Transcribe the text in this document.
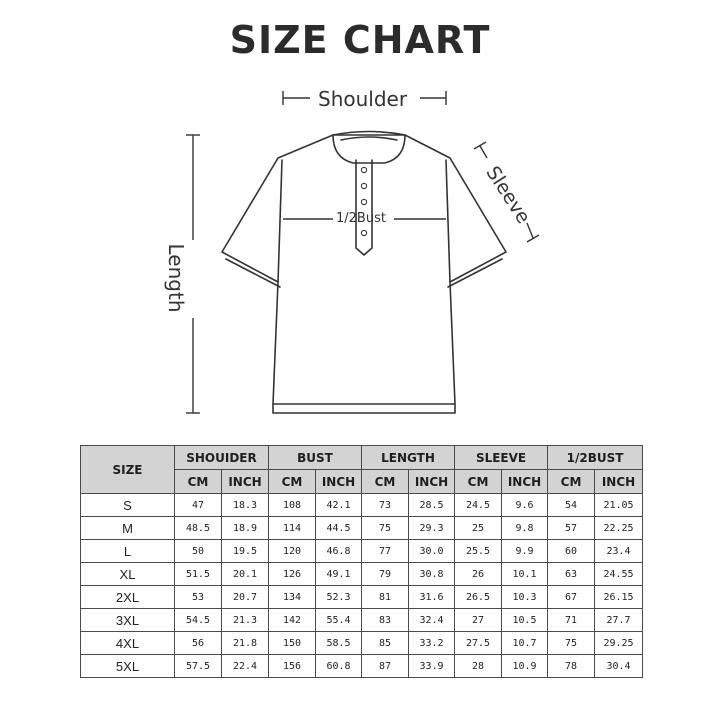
SIZE CHART
Shoulder
1/2Bust
Length
Sleeve
SIZE	SHOUIDER		BUST		LENGTH		SLEEVE		1/2BUST	
	CM	INCH	CM	INCH	CM	INCH	CM	INCH	CM	INCH
S	47	18.3	108	42.1	73	28.5	24.5	9.6	54	21.05
M	48.5	18.9	114	44.5	75	29.3	25	9.8	57	22.25
L	50	19.5	120	46.8	77	30.0	25.5	9.9	60	23.4
XL	51.5	20.1	126	49.1	79	30.8	26	10.1	63	24.55
2XL	53	20.7	134	52.3	81	31.6	26.5	10.3	67	26.15
3XL	54.5	21.3	142	55.4	83	32.4	27	10.5	71	27.7
4XL	56	21.8	150	58.5	85	33.2	27.5	10.7	75	29.25
5XL	57.5	22.4	156	60.8	87	33.9	28	10.9	78	30.4
